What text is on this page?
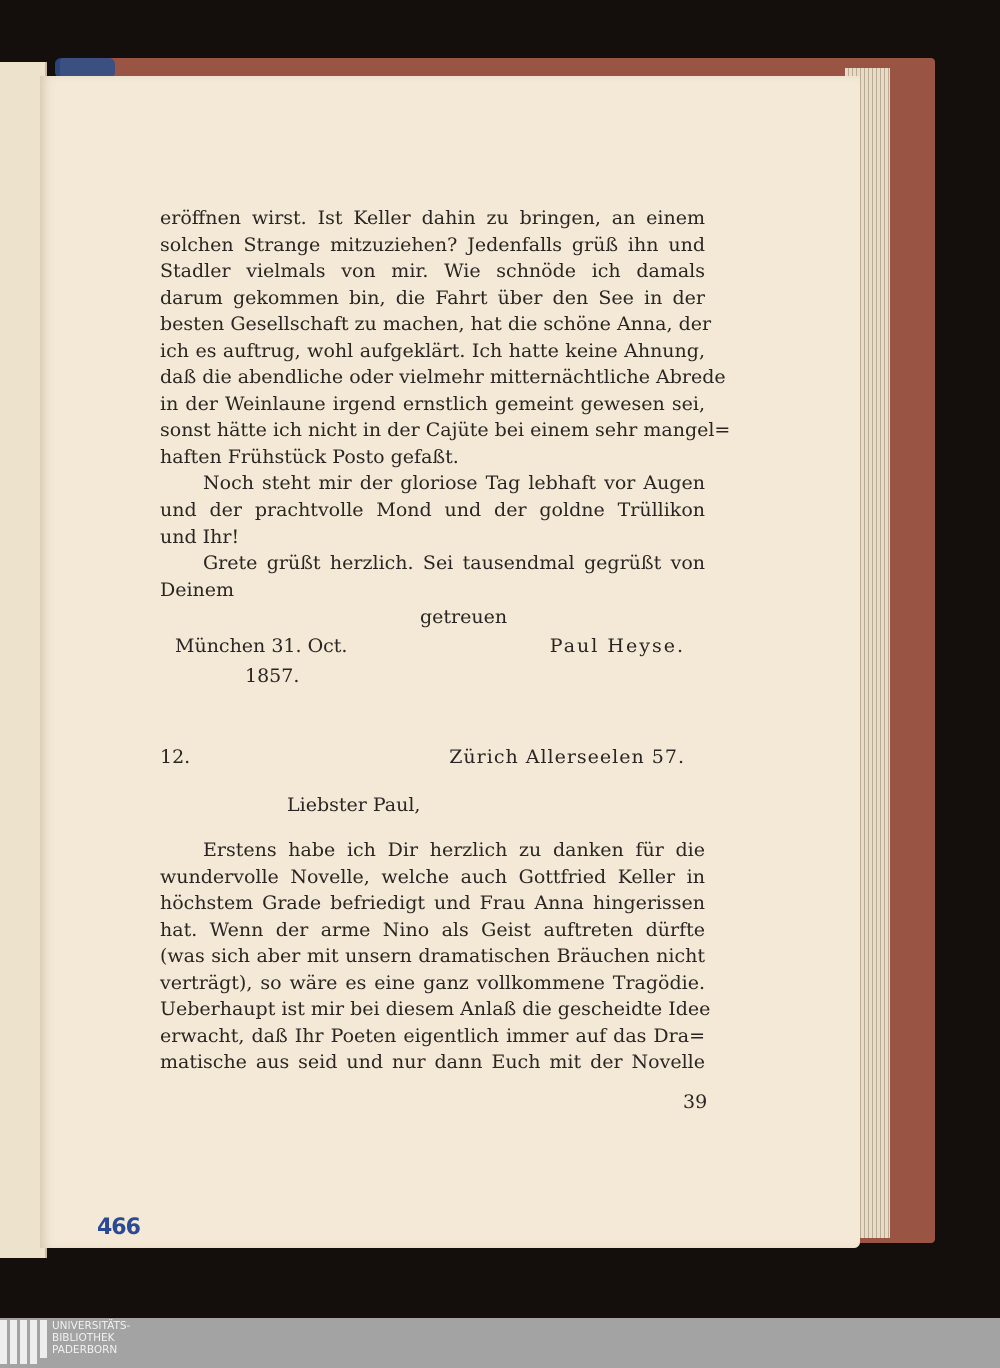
eröffnen wirst. Ist Keller dahin zu bringen, an einem
solchen Strange mitzuziehen? Jedenfalls grüß ihn und
Stadler vielmals von mir. Wie schnöde ich damals
darum gekommen bin, die Fahrt über den See in der
besten Gesellschaft zu machen, hat die schöne Anna, der
ich es auftrug, wohl aufgeklärt. Ich hatte keine Ahnung,
daß die abendliche oder vielmehr mitternächtliche Abrede
in der Weinlaune irgend ernstlich gemeint gewesen sei,
sonst hätte ich nicht in der Cajüte bei einem sehr mangel=
haften Frühstück Posto gefaßt.
Noch steht mir der gloriose Tag lebhaft vor Augen
und der prachtvolle Mond und der goldne Trüllikon
und Ihr!
Grete grüßt herzlich. Sei tausendmal gegrüßt von
Deinem
getreuen
München 31. Oct.	Paul Heyse.
1857.
12.	Zürich Allerseelen 57.
Liebster Paul,
Erstens habe ich Dir herzlich zu danken für die
wundervolle Novelle, welche auch Gottfried Keller in
höchstem Grade befriedigt und Frau Anna hingerissen
hat. Wenn der arme Nino als Geist auftreten dürfte
(was sich aber mit unsern dramatischen Bräuchen nicht
verträgt), so wäre es eine ganz vollkommene Tragödie.
Ueberhaupt ist mir bei diesem Anlaß die gescheidte Idee
erwacht, daß Ihr Poeten eigentlich immer auf das Dra=
matische aus seid und nur dann Euch mit der Novelle
39
466
UNIVERSITÄTS-
BIBLIOTHEK
PADERBORN
